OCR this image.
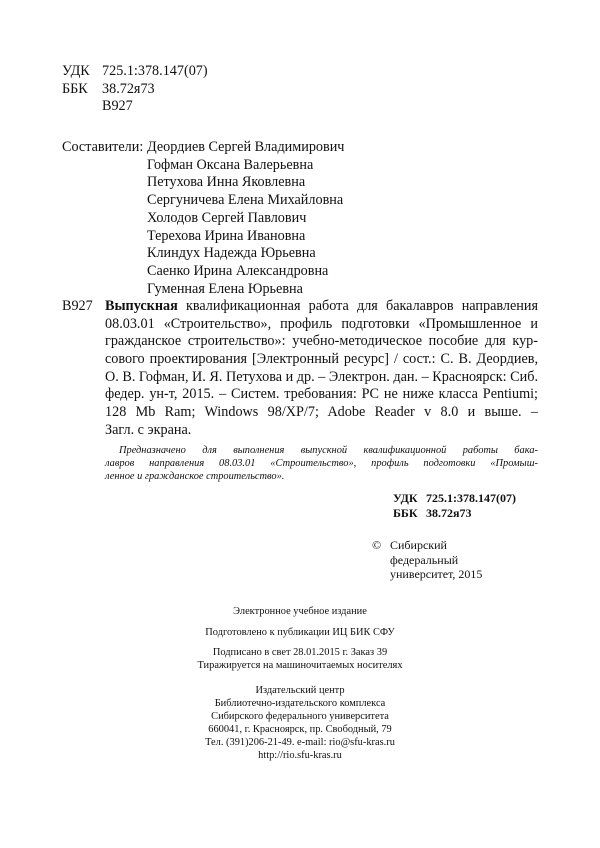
УДК 725.1:378.147(07)
ББК 38.72я73
В927
Составители: Деордиев Сергей Владимирович
Гофман Оксана Валерьевна
Петухова Инна Яковлевна
Сергуничева Елена Михайловна
Холодов Сергей Павлович
Терехова Ирина Ивановна
Клиндух Надежда Юрьевна
Саенко Ирина Александровна
Гуменная Елена Юрьевна
В927 Выпускная квалификационная работа для бакалавров направления
08.03.01 «Строительство», профиль подготовки «Промышленное и
гражданское строительство»: учебно-методическое пособие для кур-
сового проектирования [Электронный ресурс] / сост.: С. В. Деордиев,
О. В. Гофман, И. Я. Петухова и др. – Электрон. дан. – Красноярск: Сиб.
федер. ун-т, 2015. – Систем. требования: PC не ниже класса Pentiumi;
128 Mb Ram; Windows 98/XP/7; Adobe Reader v 8.0 и выше. –
Загл. с экрана.
Предназначено для выполнения выпускной квалификационной работы бака-
лавров направления 08.03.01 «Строительство», профиль подготовки «Промыш-
ленное и гражданское строительство».
УДК 725.1:378.147(07)
ББК 38.72я73
© Сибирский
федеральный
университет, 2015
Электронное учебное издание
Подготовлено к публикации ИЦ БИК СФУ
Подписано в свет 28.01.2015 г. Заказ 39
Тиражируется на машиночитаемых носителях
Издательский центр
Библиотечно-издательского комплекса
Сибирского федерального университета
660041, г. Красноярск, пр. Свободный, 79
Тел. (391)206-21-49. e-mail: rio@sfu-kras.ru
http://rio.sfu-kras.ru
